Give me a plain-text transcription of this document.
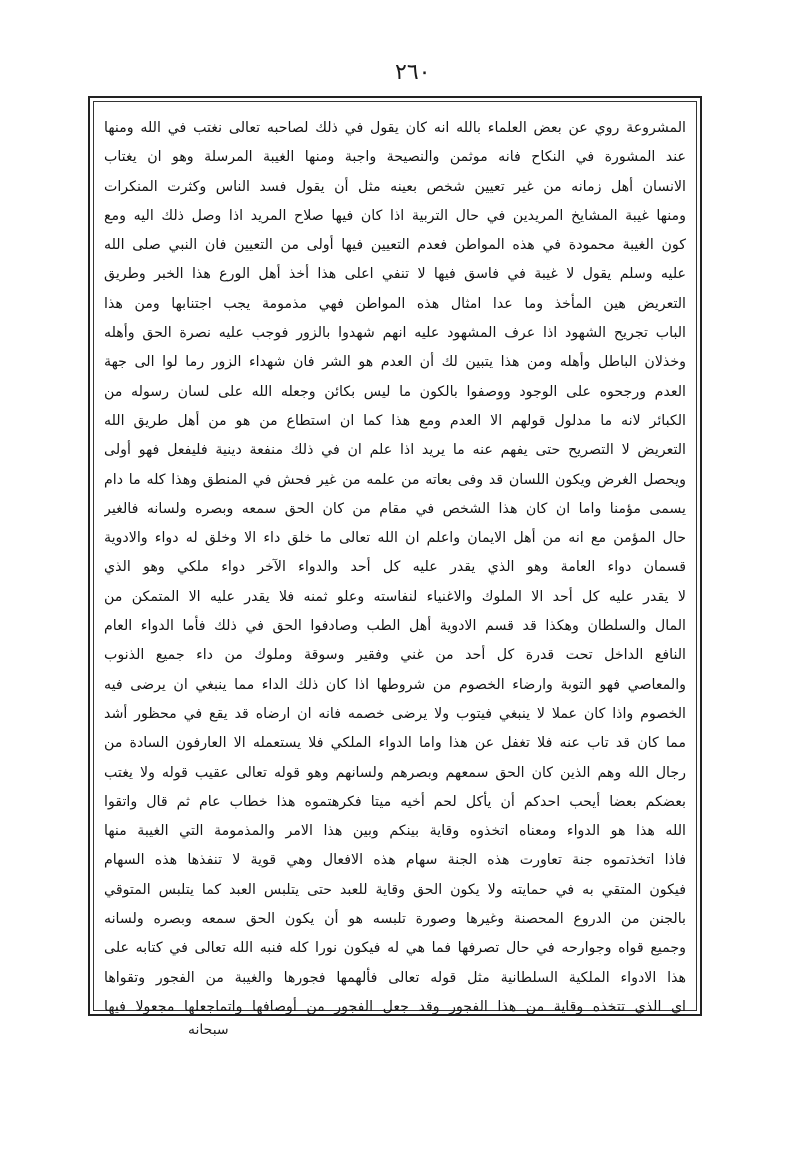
٢٦٠
المشروعة روي عن بعض العلماء بالله انه كان يقول في ذلك لصاحبه تعالى نغتب في الله ومنها
عند المشورة في النكاح فانه موثمن والنصيحة واجبة ومنها الغيبة المرسلة وهو ان يغتاب
الانسان أهل زمانه من غير تعيين شخص بعينه مثل أن يقول فسد الناس وكثرت المنكرات
ومنها غيبة المشايخ المريدين في حال التربية اذا كان فيها صلاح المريد اذا وصل ذلك اليه ومع
كون الغيبة محمودة في هذه المواطن فعدم التعيين فيها أولى من التعيين فان النبي صلى الله
عليه وسلم يقول لا غيبة في فاسق فيها لا تنفي اعلى هذا أخذ أهل الورع هذا الخبر وطريق
التعريض هين المأخذ وما عدا امثال هذه المواطن فهي مذمومة يجب اجتنابها ومن هذا
الباب تجريح الشهود اذا عرف المشهود عليه انهم شهدوا بالزور فوجب عليه نصرة الحق وأهله
وخذلان الباطل وأهله ومن هذا يتبين لك أن العدم هو الشر فان شهداء الزور رما لوا الى جهة
العدم ورجحوه على الوجود ووصفوا بالكون ما ليس بكائن وجعله الله على لسان رسوله من
الكبائر لانه ما مدلول قولهم الا العدم ومع هذا كما ان استطاع من هو من أهل طريق الله
التعريض لا التصريح حتى يفهم عنه ما يريد اذا علم ان في ذلك منفعة دينية فليفعل فهو أولى
ويحصل الغرض ويكون اللسان قد وفى بعاته من علمه من غير فحش في المنطق وهذا كله ما دام
يسمى مؤمنا واما ان كان هذا الشخص في مقام من كان الحق سمعه وبصره ولسانه فالغير
حال المؤمن مع انه من أهل الايمان واعلم ان الله تعالى ما خلق داء الا وخلق له دواء والادوية
قسمان دواء العامة وهو الذي يقدر عليه كل أحد والدواء الآخر دواء ملكي وهو الذي
لا يقدر عليه كل أحد الا الملوك والاغنياء لنفاسته وعلو ثمنه فلا يقدر عليه الا المتمكن من
المال والسلطان وهكذا قد قسم الادوية أهل الطب وصادفوا الحق في ذلك فأما الدواء العام
النافع الداخل تحت قدرة كل أحد من غني وفقير وسوقة وملوك من داء جميع الذنوب
والمعاصي فهو التوبة وارضاء الخصوم من شروطها اذا كان ذلك الداء مما ينبغي ان يرضى فيه
الخصوم واذا كان عملا لا ينبغي فيتوب ولا يرضى خصمه فانه ان ارضاه قد يقع في محظور أشد
مما كان قد تاب عنه فلا تغفل عن هذا واما الدواء الملكي فلا يستعمله الا العارفون السادة من
رجال الله وهم الذين كان الحق سمعهم وبصرهم ولسانهم وهو قوله تعالى عقيب قوله ولا يغتب
بعضكم بعضا أيحب احدكم أن يأكل لحم أخيه ميتا فكرهتموه هذا خطاب عام ثم قال واتقوا
الله هذا هو الدواء ومعناه اتخذوه وقاية بينكم وبين هذا الامر والمذمومة التي الغيبة منها
فاذا اتخذتموه جنة تعاورت هذه الجنة سهام هذه الافعال وهي قوية لا تنفذها هذه السهام
فيكون المتقي به في حمايته ولا يكون الحق وقاية للعبد حتى يتلبس العبد كما يتلبس المتوقي
بالجنن من الدروع المحصنة وغيرها وصورة تلبسه هو أن يكون الحق سمعه وبصره ولسانه
وجميع قواه وجوارحه في حال تصرفها فما هي له فيكون نورا كله فنبه الله تعالى في كتابه على
هذا الادواء الملكية السلطانية مثل قوله تعالى فألهمها فجورها والغيبة من الفجور وتقواها
اي الذي تتخذه وقاية من هذا الفجور وقد جعل الفجور من أوصافها واتماجعلها مجعولا فيها
سبحانه
